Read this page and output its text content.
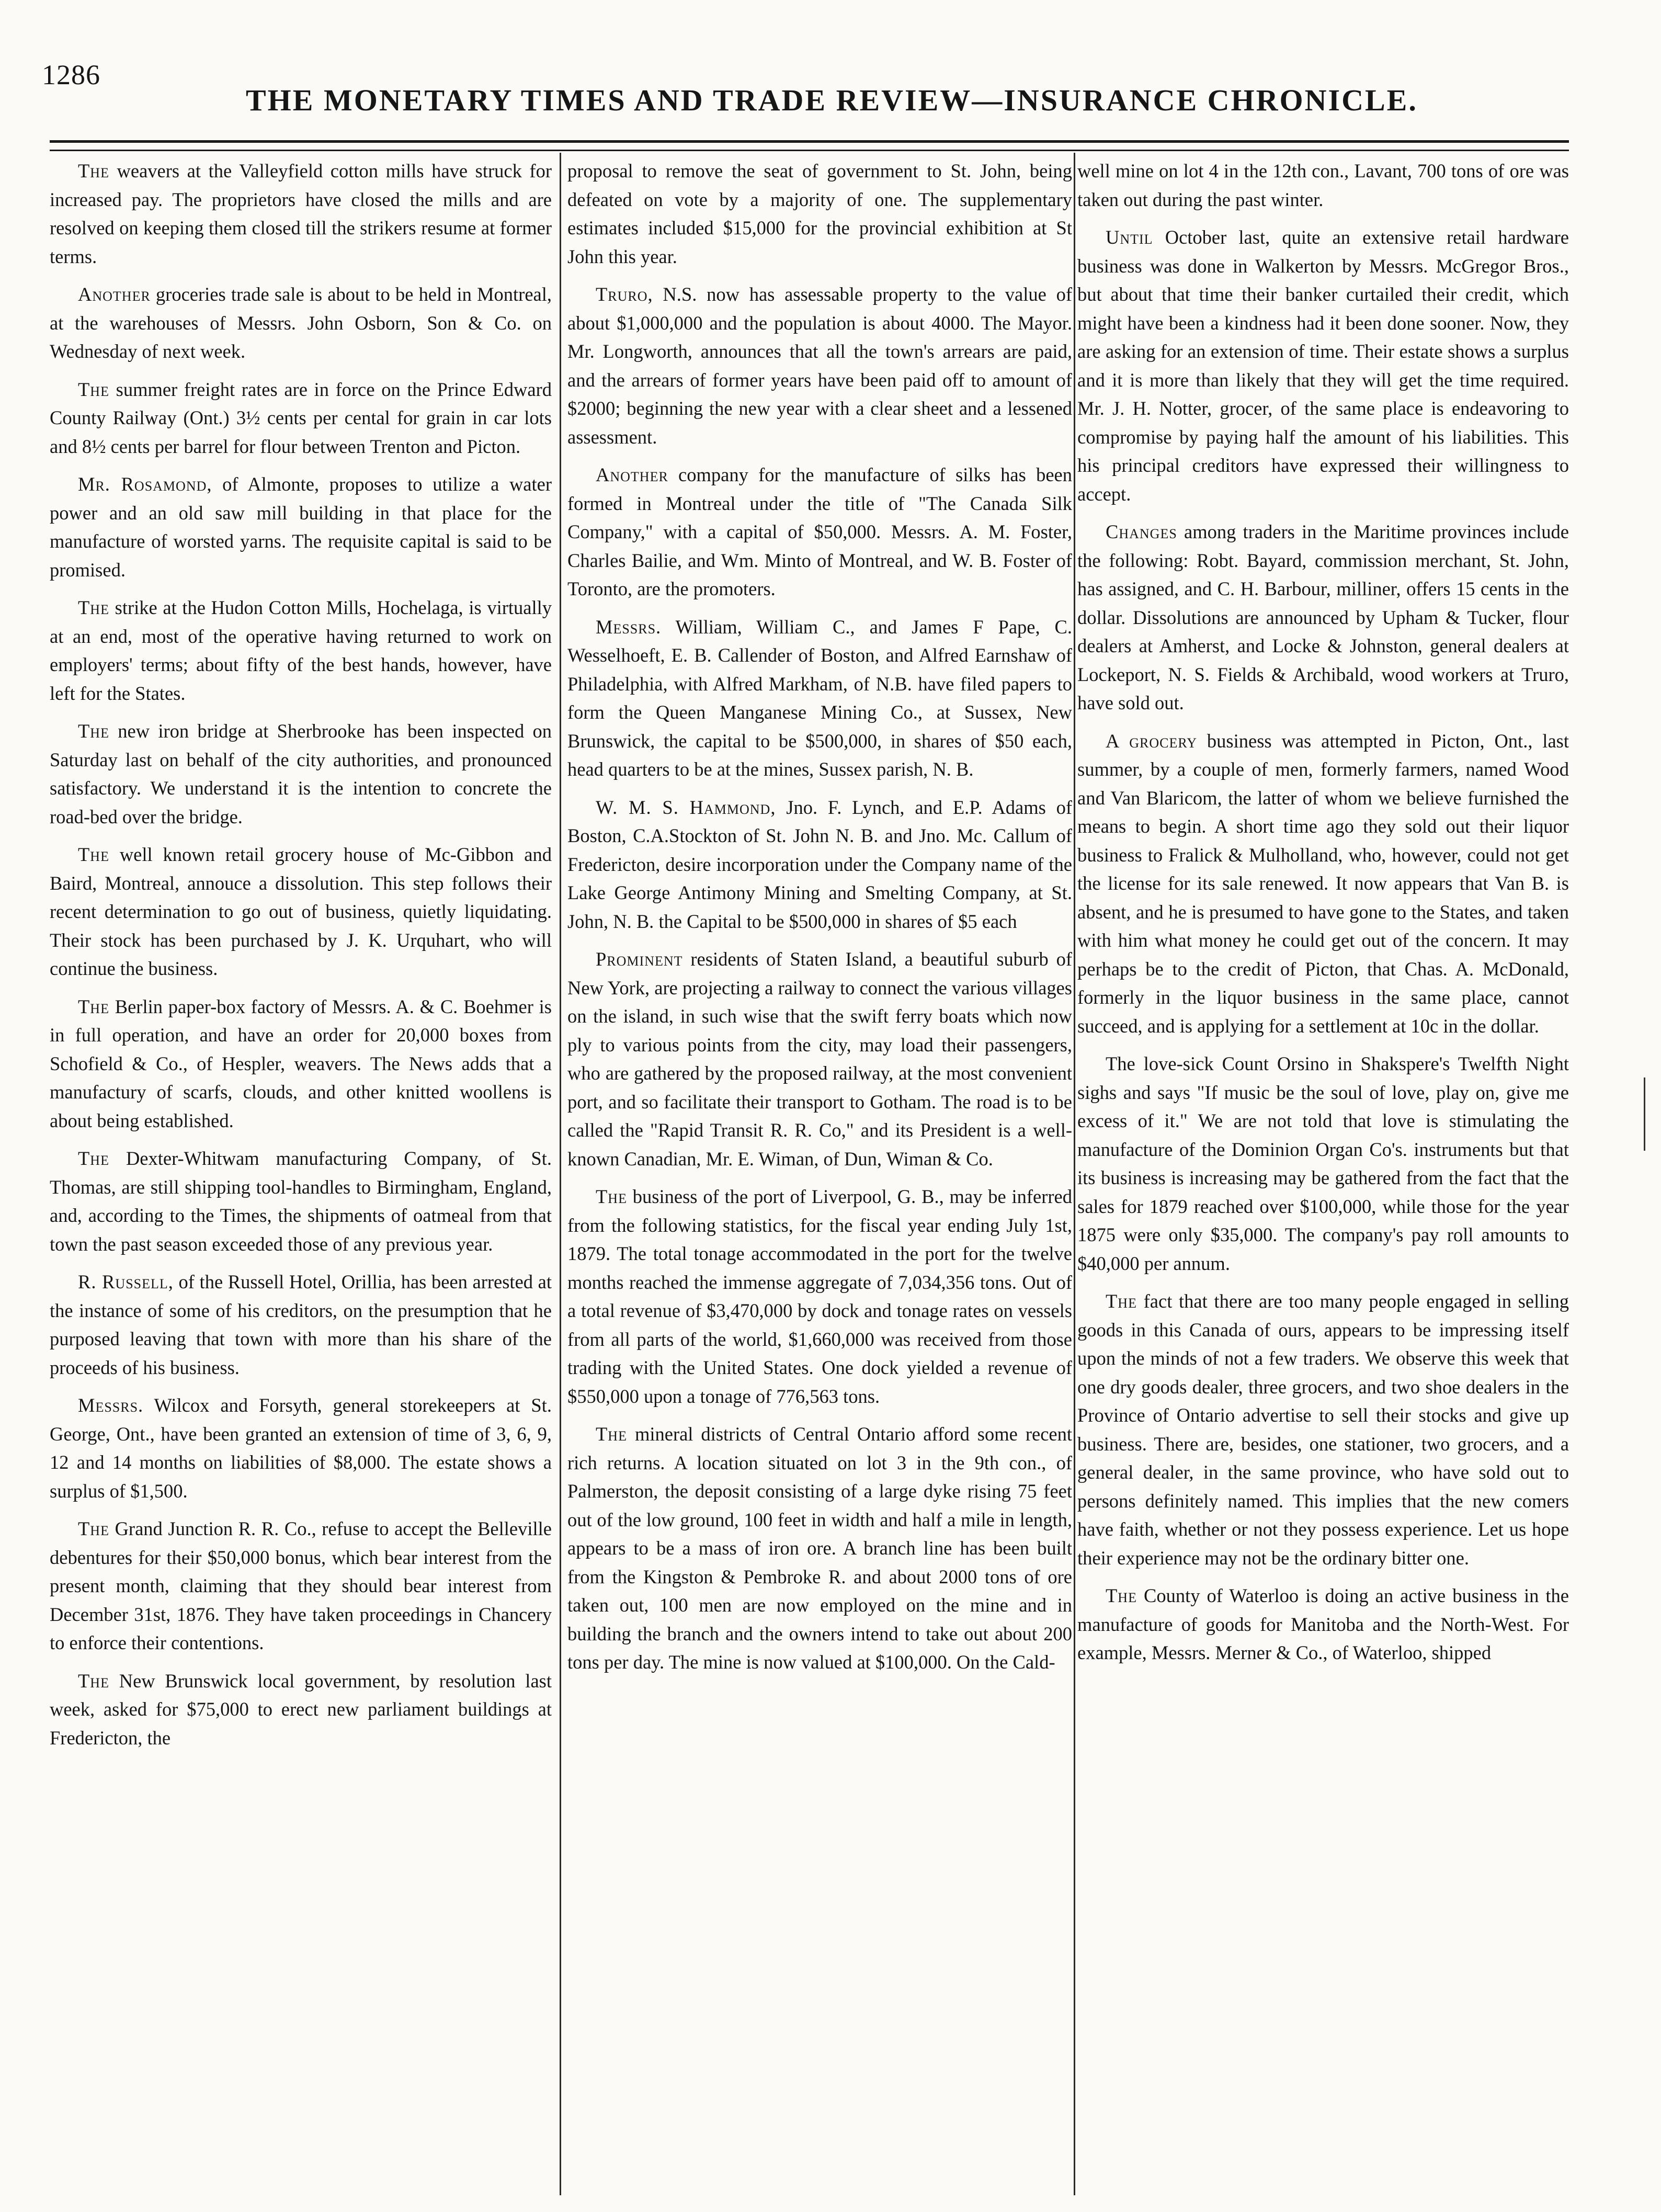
1286
THE MONETARY TIMES AND TRADE REVIEW—INSURANCE CHRONICLE.

The weavers at the Valleyfield cotton mills have struck for increased pay. The proprietors have closed the mills and are resolved on keeping them closed till the strikers resume at former terms.

Another groceries trade sale is about to be held in Montreal, at the warehouses of Messrs. John Osborn, Son & Co. on Wednesday of next week.

The summer freight rates are in force on the Prince Edward County Railway (Ont.) 3½ cents per cental for grain in car lots and 8½ cents per barrel for flour between Trenton and Picton.

Mr. Rosamond, of Almonte, proposes to utilize a water power and an old saw mill building in that place for the manufacture of worsted yarns. The requisite capital is said to be promised.

The strike at the Hudon Cotton Mills, Hochelaga, is virtually at an end, most of the operative having returned to work on employers' terms; about fifty of the best hands, however, have left for the States.

The new iron bridge at Sherbrooke has been inspected on Saturday last on behalf of the city authorities, and pronounced satisfactory. We understand it is the intention to concrete the road-bed over the bridge.

The well known retail grocery house of Mc-Gibbon and Baird, Montreal, annouce a dissolution. This step follows their recent determination to go out of business, quietly liquidating. Their stock has been purchased by J. K. Urquhart, who will continue the business.

The Berlin paper-box factory of Messrs. A. & C. Boehmer is in full operation, and have an order for 20,000 boxes from Schofield & Co., of Hespler, weavers. The News adds that a manufactury of scarfs, clouds, and other knitted woollens is about being established.

The Dexter-Whitwam manufacturing Company, of St. Thomas, are still shipping tool-handles to Birmingham, England, and, according to the Times, the shipments of oatmeal from that town the past season exceeded those of any previous year.

R. Russell, of the Russell Hotel, Orillia, has been arrested at the instance of some of his creditors, on the presumption that he purposed leaving that town with more than his share of the proceeds of his business.

Messrs. Wilcox and Forsyth, general storekeepers at St. George, Ont., have been granted an extension of time of 3, 6, 9, 12 and 14 months on liabilities of $8,000. The estate shows a surplus of $1,500.

The Grand Junction R. R. Co., refuse to accept the Belleville debentures for their $50,000 bonus, which bear interest from the present month, claiming that they should bear interest from December 31st, 1876. They have taken proceedings in Chancery to enforce their contentions.

The New Brunswick local government, by resolution last week, asked for $75,000 to erect new parliament buildings at Fredericton, the

proposal to remove the seat of government to St. John, being defeated on vote by a majority of one. The supplementary estimates included $15,000 for the provincial exhibition at St John this year.

Truro, N.S. now has assessable property to the value of about $1,000,000 and the population is about 4000. The Mayor. Mr. Longworth, announces that all the town's arrears are paid, and the arrears of former years have been paid off to amount of $2000; beginning the new year with a clear sheet and a lessened assessment.

Another company for the manufacture of silks has been formed in Montreal under the title of "The Canada Silk Company," with a capital of $50,000. Messrs. A. M. Foster, Charles Bailie, and Wm. Minto of Montreal, and W. B. Foster of Toronto, are the promoters.

Messrs. William, William C., and James F Pape, C. Wesselhoeft, E. B. Callender of Boston, and Alfred Earnshaw of Philadelphia, with Alfred Markham, of N.B. have filed papers to form the Queen Manganese Mining Co., at Sussex, New Brunswick, the capital to be $500,000, in shares of $50 each, head quarters to be at the mines, Sussex parish, N. B.

W. M. S. Hammond, Jno. F. Lynch, and E.P. Adams of Boston, C.A.Stockton of St. John N. B. and Jno. Mc. Callum of Fredericton, desire incorporation under the Company name of the Lake George Antimony Mining and Smelting Company, at St. John, N. B. the Capital to be $500,000 in shares of $5 each

Prominent residents of Staten Island, a beautiful suburb of New York, are projecting a railway to connect the various villages on the island, in such wise that the swift ferry boats which now ply to various points from the city, may load their passengers, who are gathered by the proposed railway, at the most convenient port, and so facilitate their transport to Gotham. The road is to be called the "Rapid Transit R. R. Co," and its President is a well-known Canadian, Mr. E. Wiman, of Dun, Wiman & Co.

The business of the port of Liverpool, G. B., may be inferred from the following statistics, for the fiscal year ending July 1st, 1879. The total tonage accommodated in the port for the twelve months reached the immense aggregate of 7,034,356 tons. Out of a total revenue of $3,470,000 by dock and tonage rates on vessels from all parts of the world, $1,660,000 was received from those trading with the United States. One dock yielded a revenue of $550,000 upon a tonage of 776,563 tons.

The mineral districts of Central Ontario afford some recent rich returns. A location situated on lot 3 in the 9th con., of Palmerston, the deposit consisting of a large dyke rising 75 feet out of the low ground, 100 feet in width and half a mile in length, appears to be a mass of iron ore. A branch line has been built from the Kingston & Pembroke R. and about 2000 tons of ore taken out, 100 men are now employed on the mine and in building the branch and the owners intend to take out about 200 tons per day. The mine is now valued at $100,000. On the Cald-

well mine on lot 4 in the 12th con., Lavant, 700 tons of ore was taken out during the past winter.

Until October last, quite an extensive retail hardware business was done in Walkerton by Messrs. McGregor Bros., but about that time their banker curtailed their credit, which might have been a kindness had it been done sooner. Now, they are asking for an extension of time. Their estate shows a surplus and it is more than likely that they will get the time required. Mr. J. H. Notter, grocer, of the same place is endeavoring to compromise by paying half the amount of his liabilities. This his principal creditors have expressed their willingness to accept.

Changes among traders in the Maritime provinces include the following: Robt. Bayard, commission merchant, St. John, has assigned, and C. H. Barbour, milliner, offers 15 cents in the dollar. Dissolutions are announced by Upham & Tucker, flour dealers at Amherst, and Locke & Johnston, general dealers at Lockeport, N. S. Fields & Archibald, wood workers at Truro, have sold out.

A grocery business was attempted in Picton, Ont., last summer, by a couple of men, formerly farmers, named Wood and Van Blaricom, the latter of whom we believe furnished the means to begin. A short time ago they sold out their liquor business to Fralick & Mulholland, who, however, could not get the license for its sale renewed. It now appears that Van B. is absent, and he is presumed to have gone to the States, and taken with him what money he could get out of the concern. It may perhaps be to the credit of Picton, that Chas. A. McDonald, formerly in the liquor business in the same place, cannot succeed, and is applying for a settlement at 10c in the dollar.

The love-sick Count Orsino in Shakspere's Twelfth Night sighs and says "If music be the soul of love, play on, give me excess of it." We are not told that love is stimulating the manufacture of the Dominion Organ Co's. instruments but that its business is increasing may be gathered from the fact that the sales for 1879 reached over $100,000, while those for the year 1875 were only $35,000. The company's pay roll amounts to $40,000 per annum.

The fact that there are too many people engaged in selling goods in this Canada of ours, appears to be impressing itself upon the minds of not a few traders. We observe this week that one dry goods dealer, three grocers, and two shoe dealers in the Province of Ontario advertise to sell their stocks and give up business. There are, besides, one stationer, two grocers, and a general dealer, in the same province, who have sold out to persons definitely named. This implies that the new comers have faith, whether or not they possess experience. Let us hope their experience may not be the ordinary bitter one.

The County of Waterloo is doing an active business in the manufacture of goods for Manitoba and the North-West. For example, Messrs. Merner & Co., of Waterloo, shipped
